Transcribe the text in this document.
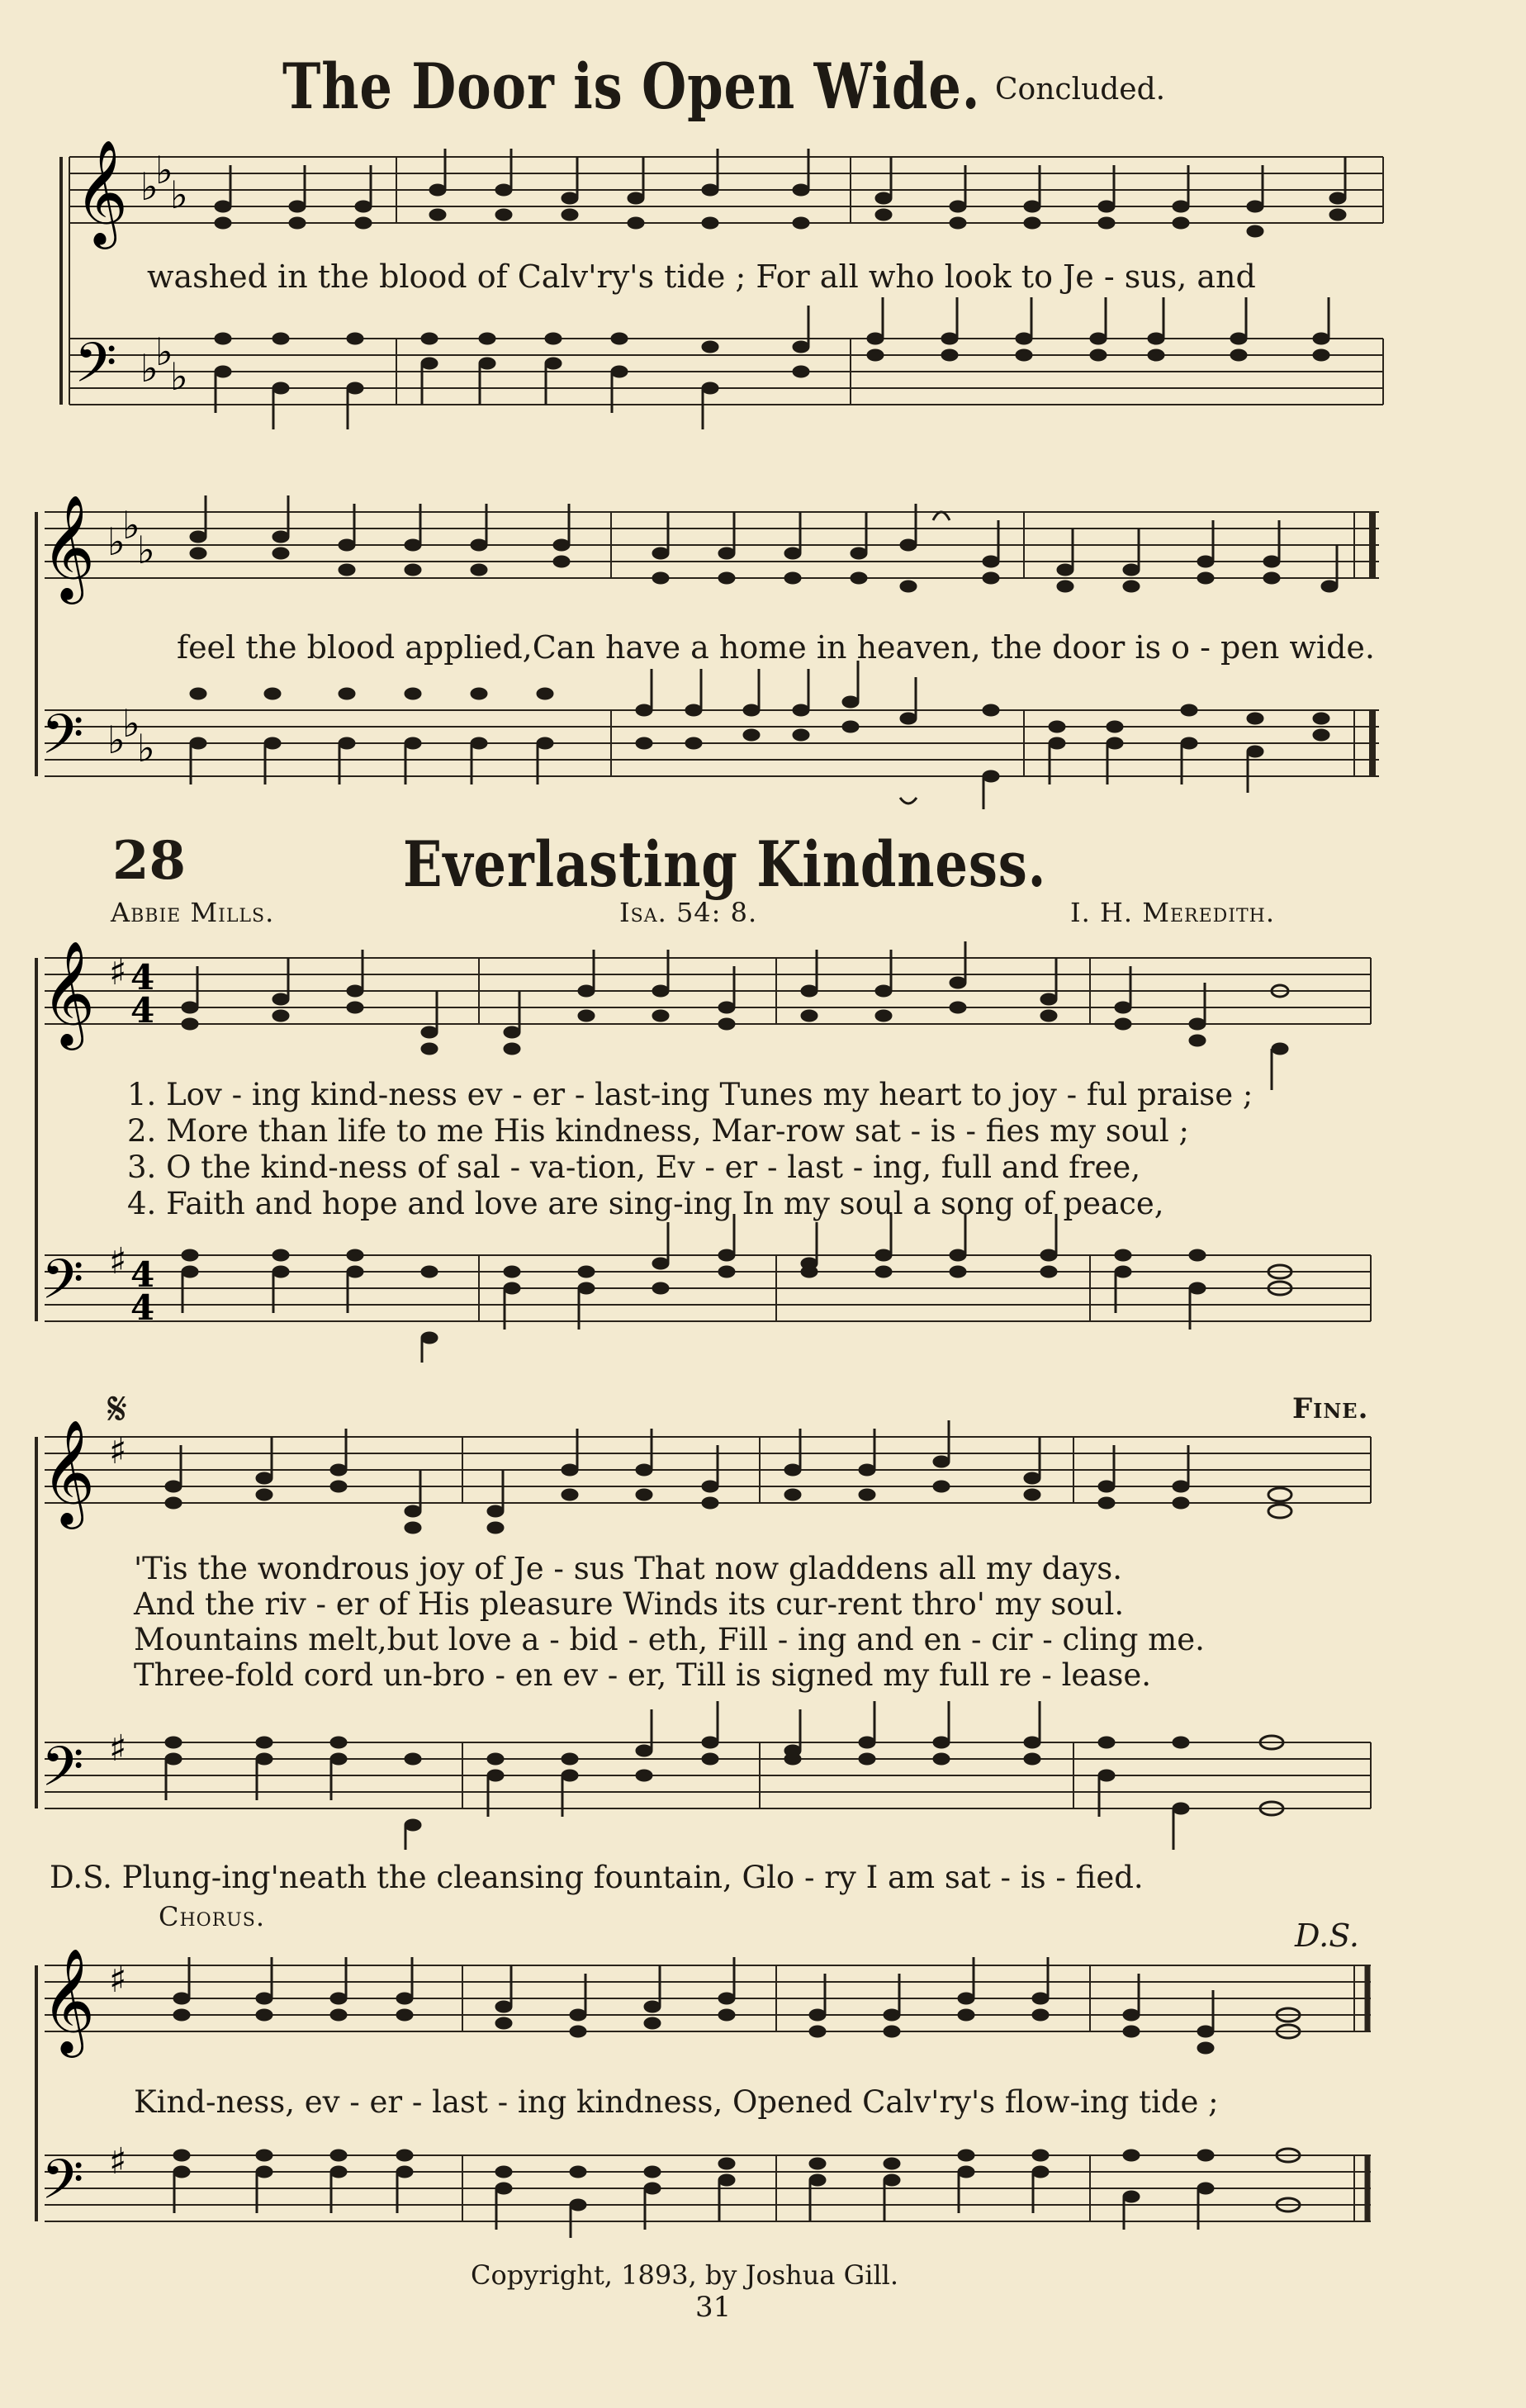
The Door is Open Wide. Concluded.
𝄞
𝄢
♭
♭
♭
♭
♭
♭
washed in the blood of Calv'ry's tide ; For all who look to Je - sus, and
𝄞
𝄢
♭
♭
♭
♭
♭
♭
feel the blood applied,Can have a home in heaven, the door is o - pen wide.
28	Everlasting Kindness.
Abbie Mills.	Isa. 54: 8.	I. H. Meredith.
𝄞
𝄢
♯
♯
4
4
4
4
1. Lov - ing kind-ness ev - er - last-ing Tunes my heart to joy - ful praise ;
2. More than life to me His kindness, Mar-row sat - is - fies my soul ;
3. O the kind-ness of sal - va-tion, Ev - er - last - ing, full and free,
4. Faith and hope and love are sing-ing In my soul a song of peace,
𝄋	Fine.
𝄞
𝄢
♯
♯
'Tis the wondrous joy of Je - sus That now gladdens all my days.
And the riv - er of His pleasure Winds its cur-rent thro' my soul.
Mountains melt,but love a - bid - eth, Fill - ing and en - cir - cling me.
Three-fold cord un-bro - en ev - er, Till is signed my full re - lease.
D.S. Plung-ing'neath the cleansing fountain, Glo - ry I am sat - is - fied.
Chorus.
D.S.
𝄞
𝄢
♯
♯
Kind-ness, ev - er - last - ing kindness, Opened Calv'ry's flow-ing tide ;
Copyright, 1893, by Joshua Gill.
31
